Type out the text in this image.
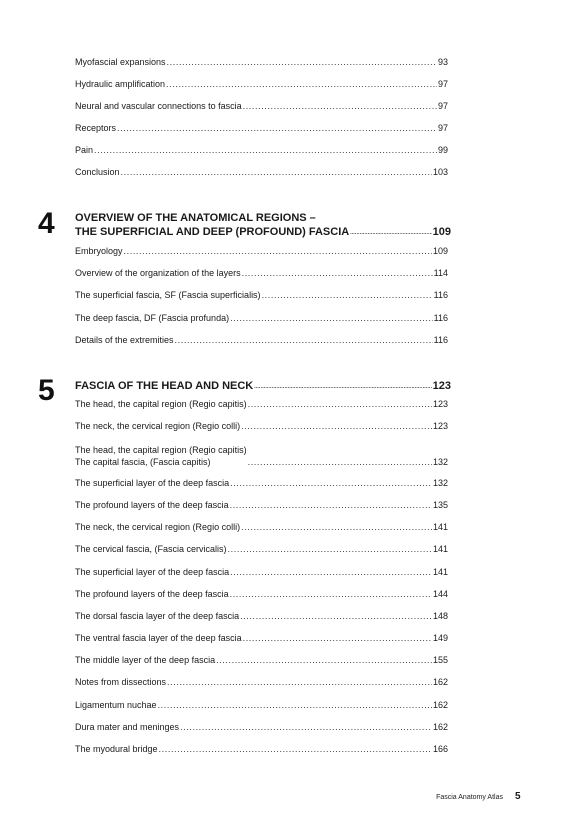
Myofascial expansions .....	93
Hydraulic amplification .....	97
Neural and vascular connections to fascia .....	97
Receptors .....	97
Pain .....	99
Conclusion .....	103
4 OVERVIEW OF THE ANATOMICAL REGIONS –
THE SUPERFICIAL AND DEEP (PROFOUND) FASCIA .....	109
Embryology .....	109
Overview of the organization of the layers .....	114
The superficial fascia, SF (Fascia superficialis) .....	116
The deep fascia, DF (Fascia profunda) .....	116
Details of the extremities .....	116
5 FASCIA OF THE HEAD AND NECK .....	123
The head, the capital region (Regio capitis) .....	123
The neck, the cervical region (Regio colli) .....	123
The head, the capital region (Regio capitis)
The capital fascia, (Fascia capitis) .....	132
The superficial layer of the deep fascia .....	132
The profound layers of the deep fascia .....	135
The neck, the cervical region (Regio colli) .....	141
The cervical fascia, (Fascia cervicalis) .....	141
The superficial layer of the deep fascia .....	141
The profound layers of the deep fascia .....	144
The dorsal fascia layer of the deep fascia .....	148
The ventral fascia layer of the deep fascia .....	149
The middle layer of the deep fascia .....	155
Notes from dissections .....	162
Ligamentum nuchae .....	162
Dura mater and meninges .....	162
The myodural bridge .....	166
Fascia Anatomy Atlas 5
